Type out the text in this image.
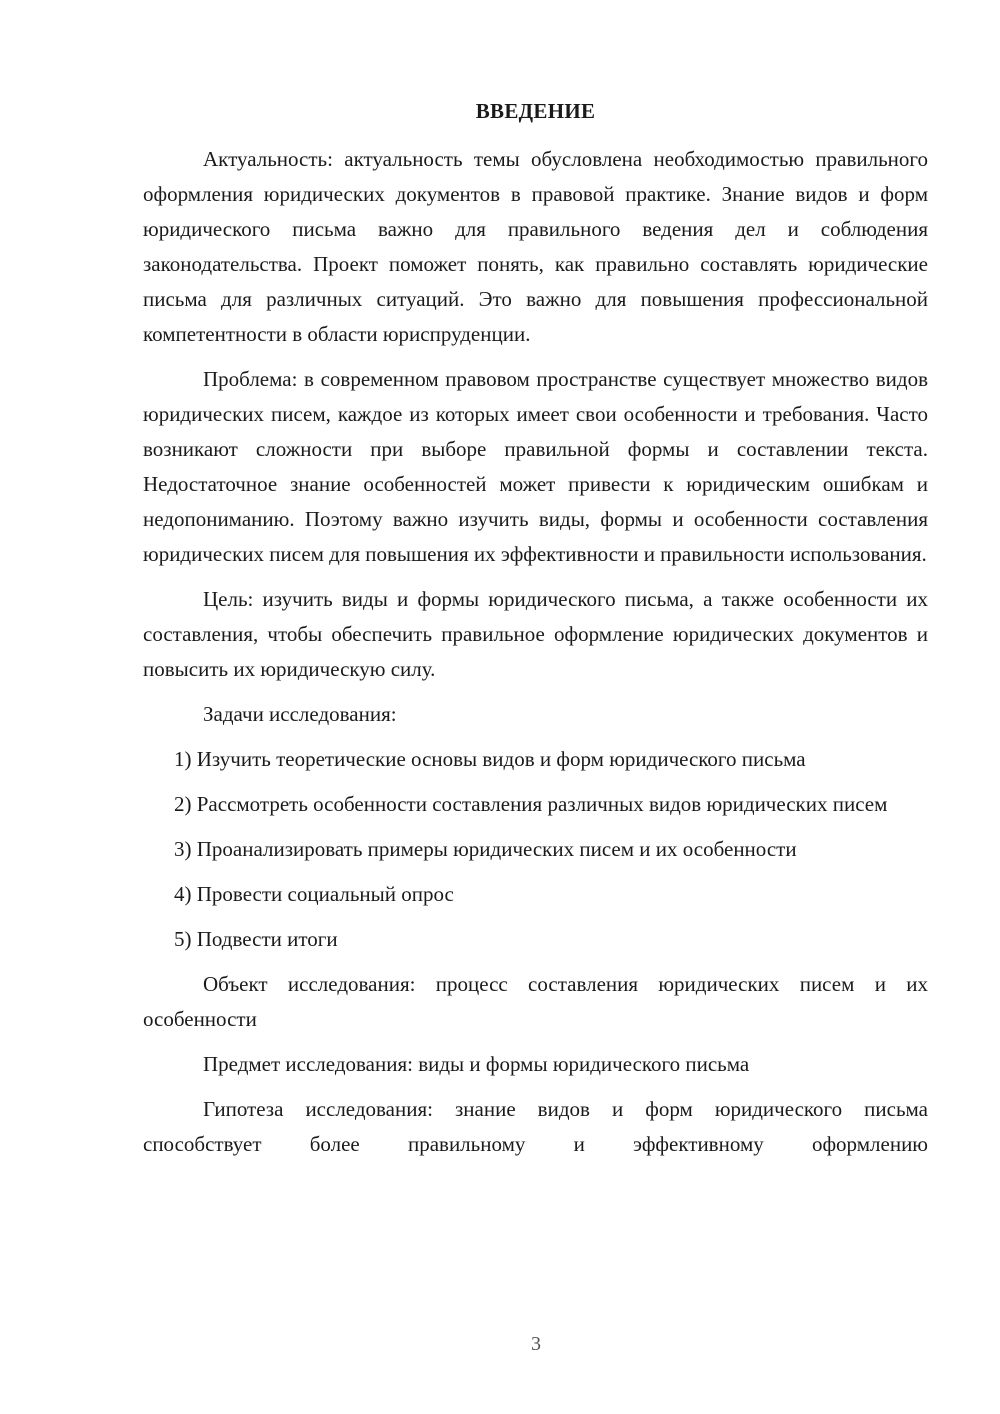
ВВЕДЕНИЕ

Актуальность: актуальность темы обусловлена необходимостью правильного оформления юридических документов в правовой практике. Знание видов и форм юридического письма важно для правильного ведения дел и соблюдения законодательства. Проект поможет понять, как правильно составлять юридические письма для различных ситуаций. Это важно для повышения профессиональной компетентности в области юриспруденции.

Проблема: в современном правовом пространстве существует множество видов юридических писем, каждое из которых имеет свои особенности и требования. Часто возникают сложности при выборе правильной формы и составлении текста. Недостаточное знание особенностей может привести к юридическим ошибкам и недопониманию. Поэтому важно изучить виды, формы и особенности составления юридических писем для повышения их эффективности и правильности использования.

Цель: изучить виды и формы юридического письма, а также особенности их составления, чтобы обеспечить правильное оформление юридических документов и повысить их юридическую силу.

Задачи исследования:

1) Изучить теоретические основы видов и форм юридического письма

2) Рассмотреть особенности составления различных видов юридических писем

3) Проанализировать примеры юридических писем и их особенности

4) Провести социальный опрос

5) Подвести итоги

Объект исследования: процесс составления юридических писем и их особенности

Предмет исследования: виды и формы юридического письма

Гипотеза исследования: знание видов и форм юридического письма способствует более правильному и эффективному оформлению

3
